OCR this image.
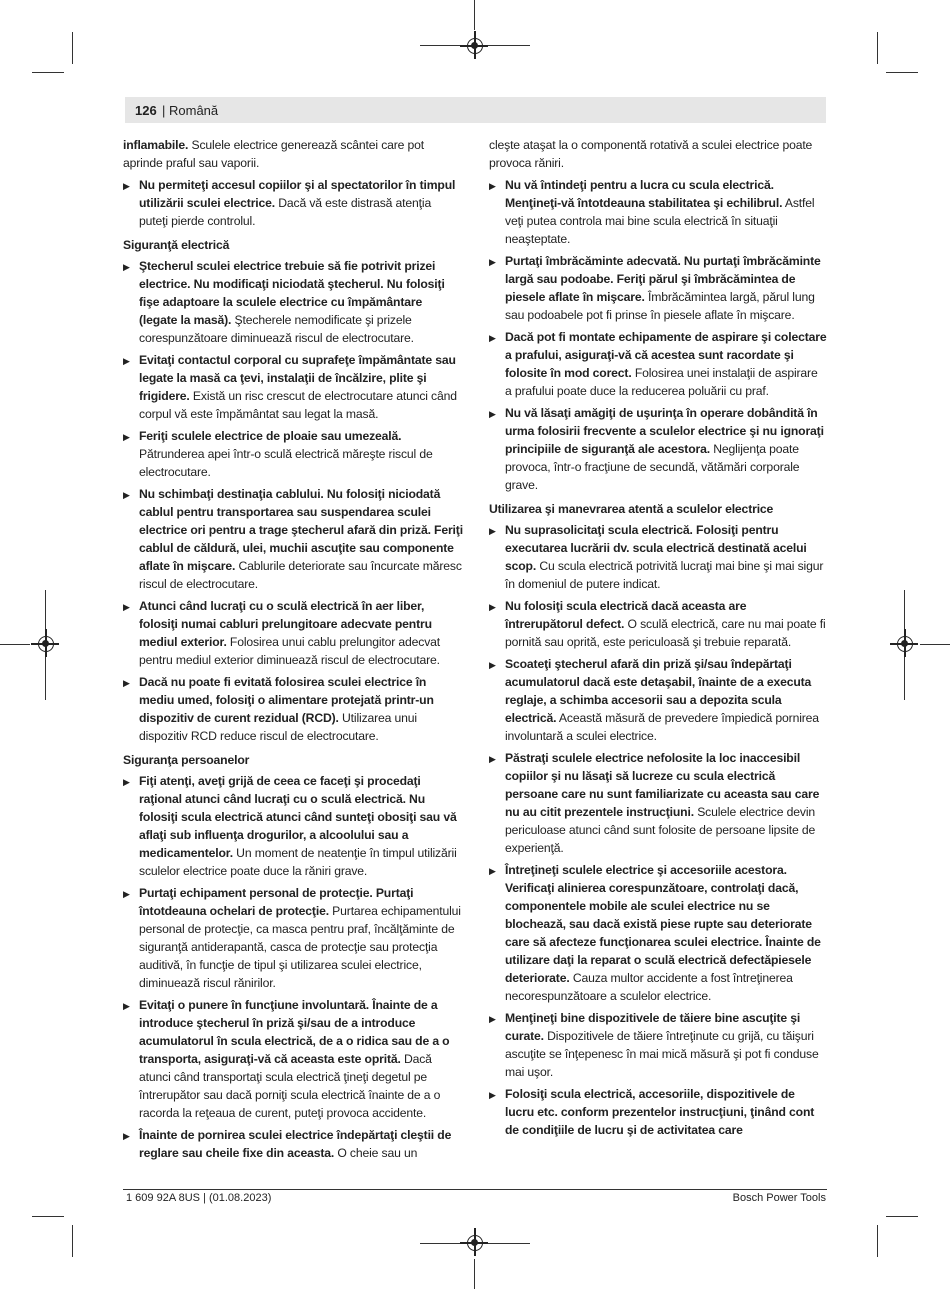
126 | Română

inflamabile. Sculele electrice generează scântei care pot aprinde praful sau vaporii.

▶ Nu permiteţi accesul copiilor şi al spectatorilor în timpul utilizării sculei electrice. Dacă vă este distrasă atenţia puteţi pierde controlul.
Siguranţă electrică
▶ Ştecherul sculei electrice trebuie să fie potrivit prizei electrice. Nu modificaţi niciodată ştecherul. Nu folosiţi fişe adaptoare la sculele electrice cu împământare (legate la masă). Ştecherele nemodificate şi prizele corespunzătoare diminuează riscul de electrocutare.
▶ Evitaţi contactul corporal cu suprafeţe împământate sau legate la masă ca ţevi, instalaţii de încălzire, plite şi frigidere. Există un risc crescut de electrocutare atunci când corpul vă este împământat sau legat la masă.
▶ Feriţi sculele electrice de ploaie sau umezeală. Pătrunderea apei într-o sculă electrică măreşte riscul de electrocutare.
▶ Nu schimbaţi destinaţia cablului. Nu folosiţi niciodată cablul pentru transportarea sau suspendarea sculei electrice ori pentru a trage ştecherul afară din priză. Feriţi cablul de căldură, ulei, muchii ascuţite sau componente aflate în mişcare. Cablurile deteriorate sau încurcate măresc riscul de electrocutare.
▶ Atunci când lucraţi cu o sculă electrică în aer liber, folosiţi numai cabluri prelungitoare adecvate pentru mediul exterior. Folosirea unui cablu prelungitor adecvat pentru mediul exterior diminuează riscul de electrocutare.
▶ Dacă nu poate fi evitată folosirea sculei electrice în mediu umed, folosiţi o alimentare protejată printr-un dispozitiv de curent rezidual (RCD). Utilizarea unui dispozitiv RCD reduce riscul de electrocutare.
Siguranţa persoanelor
▶ Fiţi atenţi, aveţi grijă de ceea ce faceţi şi procedaţi raţional atunci când lucraţi cu o sculă electrică. Nu folosiţi scula electrică atunci când sunteţi obosiţi sau vă aflaţi sub influenţa drogurilor, a alcoolului sau a medicamentelor. Un moment de neatenţie în timpul utilizării sculelor electrice poate duce la răniri grave.
▶ Purtaţi echipament personal de protecţie. Purtaţi întotdeauna ochelari de protecţie. Purtarea echipamentului personal de protecţie, ca masca pentru praf, încălţăminte de siguranţă antiderapantă, casca de protecţie sau protecţia auditivă, în funcţie de tipul şi utilizarea sculei electrice, diminuează riscul rănirilor.
▶ Evitaţi o punere în funcţiune involuntară. Înainte de a introduce ştecherul în priză şi/sau de a introduce acumulatorul în scula electrică, de a o ridica sau de a o transporta, asiguraţi-vă că aceasta este oprită. Dacă atunci când transportaţi scula electrică ţineţi degetul pe întrerupător sau dacă porniţi scula electrică înainte de a o racorda la reţeaua de curent, puteţi provoca accidente.
▶ Înainte de pornirea sculei electrice îndepărtaţi cleştii de reglare sau cheile fixe din aceasta. O cheie sau un

cleşte ataşat la o componentă rotativă a sculei electrice poate provoca răniri.

▶ Nu vă întindeţi pentru a lucra cu scula electrică. Menţineţi-vă întotdeauna stabilitatea şi echilibrul. Astfel veţi putea controla mai bine scula electrică în situaţii neaşteptate.
▶ Purtaţi îmbrăcăminte adecvată. Nu purtaţi îmbrăcăminte largă sau podoabe. Feriţi părul şi îmbrăcămintea de piesele aflate în mişcare. Îmbrăcămintea largă, părul lung sau podoabele pot fi prinse în piesele aflate în mişcare.
▶ Dacă pot fi montate echipamente de aspirare şi colectare a prafului, asiguraţi-vă că acestea sunt racordate şi folosite în mod corect. Folosirea unei instalaţii de aspirare a prafului poate duce la reducerea poluării cu praf.
▶ Nu vă lăsaţi amăgiţi de uşurinţa în operare dobândită în urma folosirii frecvente a sculelor electrice şi nu ignoraţi principiile de siguranţă ale acestora. Neglijenţa poate provoca, într-o fracţiune de secundă, vătămări corporale grave.
Utilizarea şi manevrarea atentă a sculelor electrice
▶ Nu suprasolicitaţi scula electrică. Folosiţi pentru executarea lucrării dv. scula electrică destinată acelui scop. Cu scula electrică potrivită lucraţi mai bine şi mai sigur în domeniul de putere indicat.
▶ Nu folosiţi scula electrică dacă aceasta are întrerupătorul defect. O sculă electrică, care nu mai poate fi pornită sau oprită, este periculoasă şi trebuie reparată.
▶ Scoateţi ştecherul afară din priză şi/sau îndepărtaţi acumulatorul dacă este detaşabil, înainte de a executa reglaje, a schimba accesorii sau a depozita scula electrică. Această măsură de prevedere împiedică pornirea involuntară a sculei electrice.
▶ Păstraţi sculele electrice nefolosite la loc inaccesibil copiilor şi nu lăsaţi să lucreze cu scula electrică persoane care nu sunt familiarizate cu aceasta sau care nu au citit prezentele instrucţiuni. Sculele electrice devin periculoase atunci când sunt folosite de persoane lipsite de experienţă.
▶ Întreţineţi sculele electrice şi accesoriile acestora. Verificaţi alinierea corespunzătoare, controlaţi dacă, componentele mobile ale sculei electrice nu se blochează, sau dacă există piese rupte sau deteriorate care să afecteze funcţionarea sculei electrice. Înainte de utilizare daţi la reparat o sculă electrică defectăpiesele deteriorate. Cauza multor accidente a fost întreţinerea necorespunzătoare a sculelor electrice.
▶ Menţineţi bine dispozitivele de tăiere bine ascuţite şi curate. Dispozitivele de tăiere întreţinute cu grijă, cu tăişuri ascuţite se înţepenesc în mai mică măsură şi pot fi conduse mai uşor.
▶ Folosiţi scula electrică, accesoriile, dispozitivele de lucru etc. conform prezentelor instrucţiuni, ţinând cont de condiţiile de lucru şi de activitatea care
1 609 92A 8US | (01.08.2023)	Bosch Power Tools
